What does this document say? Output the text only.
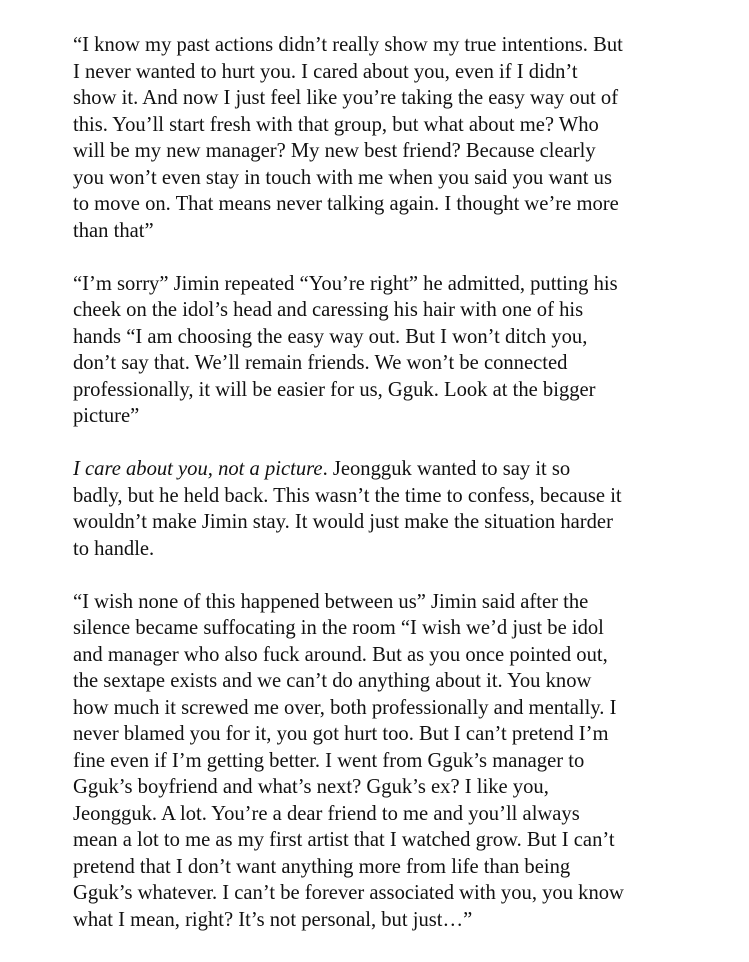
“I know my past actions didn’t really show my true intentions. But
I never wanted to hurt you. I cared about you, even if I didn’t
show it. And now I just feel like you’re taking the easy way out of
this. You’ll start fresh with that group, but what about me? Who
will be my new manager? My new best friend? Because clearly
you won’t even stay in touch with me when you said you want us
to move on. That means never talking again. I thought we’re more
than that”

“I’m sorry” Jimin repeated “You’re right” he admitted, putting his
cheek on the idol’s head and caressing his hair with one of his
hands “I am choosing the easy way out. But I won’t ditch you,
don’t say that. We’ll remain friends. We won’t be connected
professionally, it will be easier for us, Gguk. Look at the bigger
picture”

I care about you, not a picture. Jeongguk wanted to say it so
badly, but he held back. This wasn’t the time to confess, because it
wouldn’t make Jimin stay. It would just make the situation harder
to handle.

“I wish none of this happened between us” Jimin said after the
silence became suffocating in the room “I wish we’d just be idol
and manager who also fuck around. But as you once pointed out,
the sextape exists and we can’t do anything about it. You know
how much it screwed me over, both professionally and mentally. I
never blamed you for it, you got hurt too. But I can’t pretend I’m
fine even if I’m getting better. I went from Gguk’s manager to
Gguk’s boyfriend and what’s next? Gguk’s ex? I like you,
Jeongguk. A lot. You’re a dear friend to me and you’ll always
mean a lot to me as my first artist that I watched grow. But I can’t
pretend that I don’t want anything more from life than being
Gguk’s whatever. I can’t be forever associated with you, you know
what I mean, right? It’s not personal, but just…”
